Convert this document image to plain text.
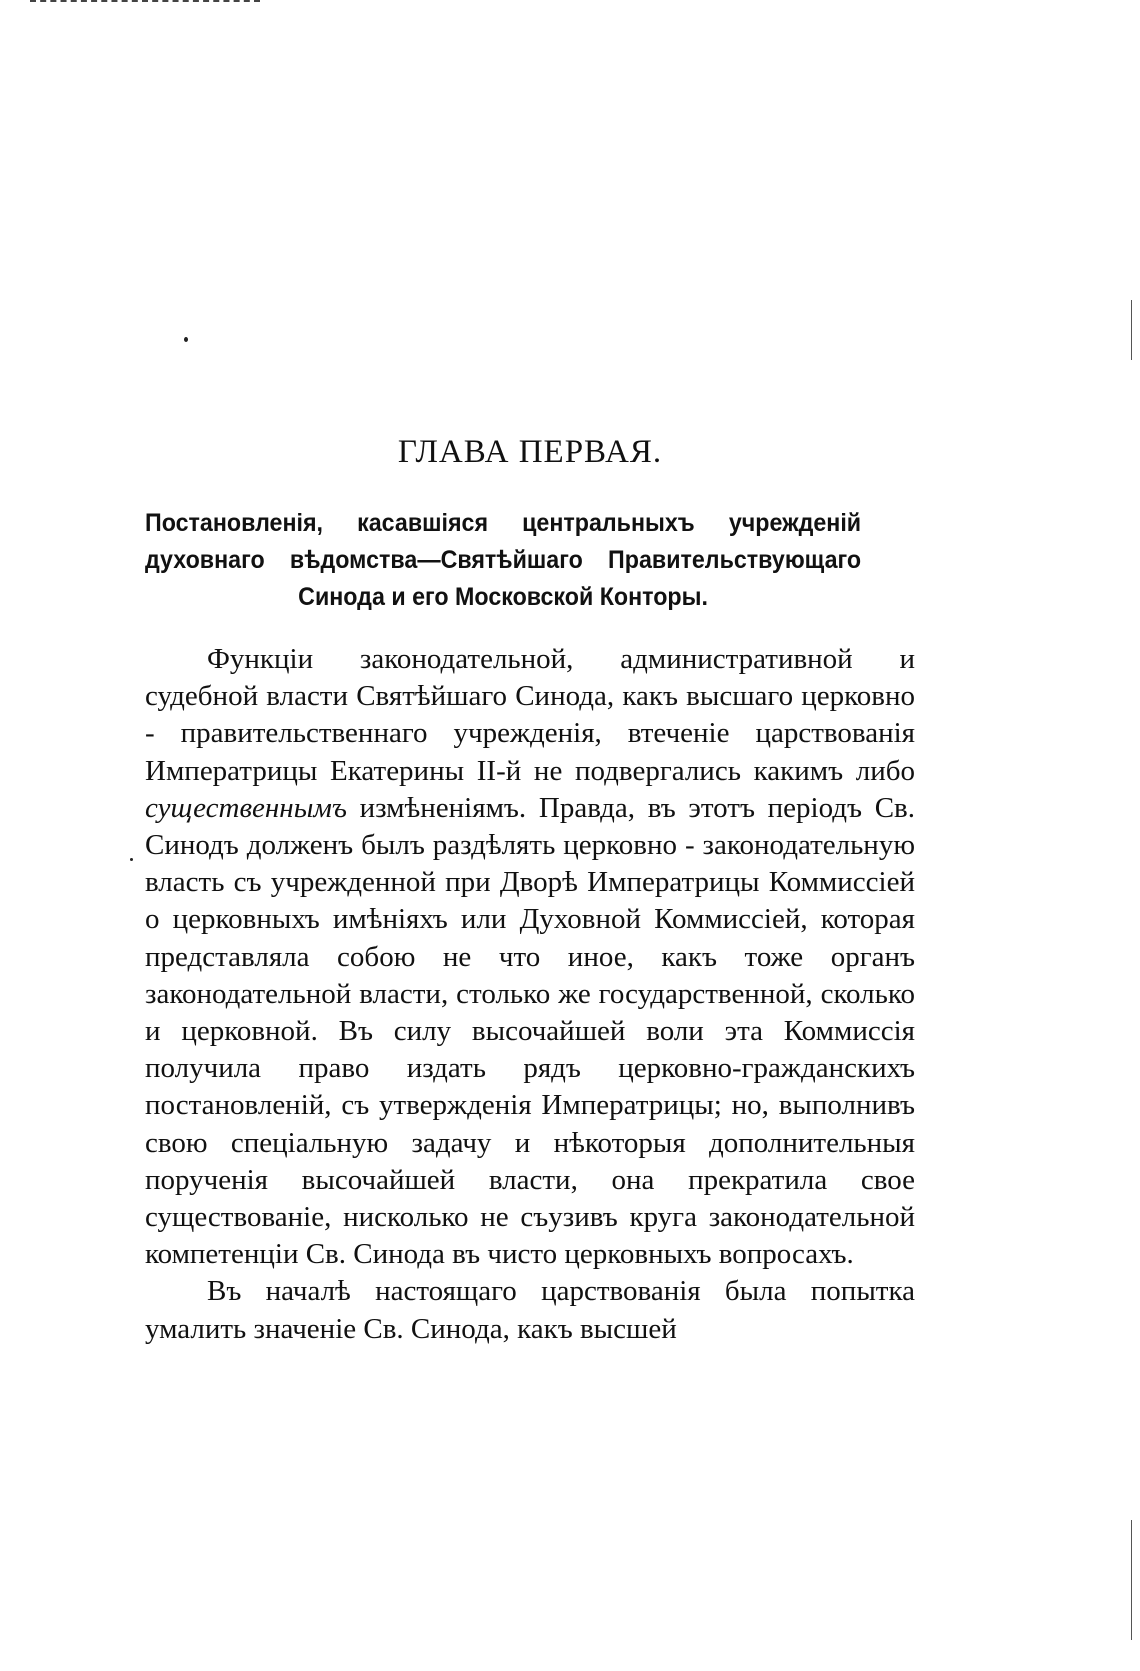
ГЛАВА ПЕРВАЯ.
Постановленія, касавшіяся центральныхъ учрежденій духовнаго вѣдомства—Святѣйшаго Правительствующаго Синода и его Московской Конторы.

Функціи законодательной, административной и судебной власти Святѣйшаго Синода, какъ высшаго церковно - правительственнаго учрежденія, втеченіе царствованія Императрицы Екатерины II-й не подвергались какимъ либо существеннымъ измѣненіямъ. Правда, въ этотъ періодъ Св. Синодъ долженъ былъ раздѣлять церковно - законодательную власть съ учрежденной при Дворѣ Императрицы Коммиссіей о церковныхъ имѣніяхъ или Духовной Коммиссіей, которая представляла собою не что иное, какъ тоже органъ законодательной власти, столько же государственной, сколько и церковной. Въ силу высочайшей воли эта Коммиссія получила право издать рядъ церковно-гражданскихъ постановленій, съ утвержденія Императрицы; но, выполнивъ свою спеціальную задачу и нѣкоторыя дополнительныя порученія высочайшей власти, она прекратила свое существованіе, нисколько не съузивъ круга законодательной компетенціи Св. Синода въ чисто церковныхъ вопросахъ.

Въ началѣ настоящаго царствованія была попытка умалить значеніе Св. Синода, какъ высшей
